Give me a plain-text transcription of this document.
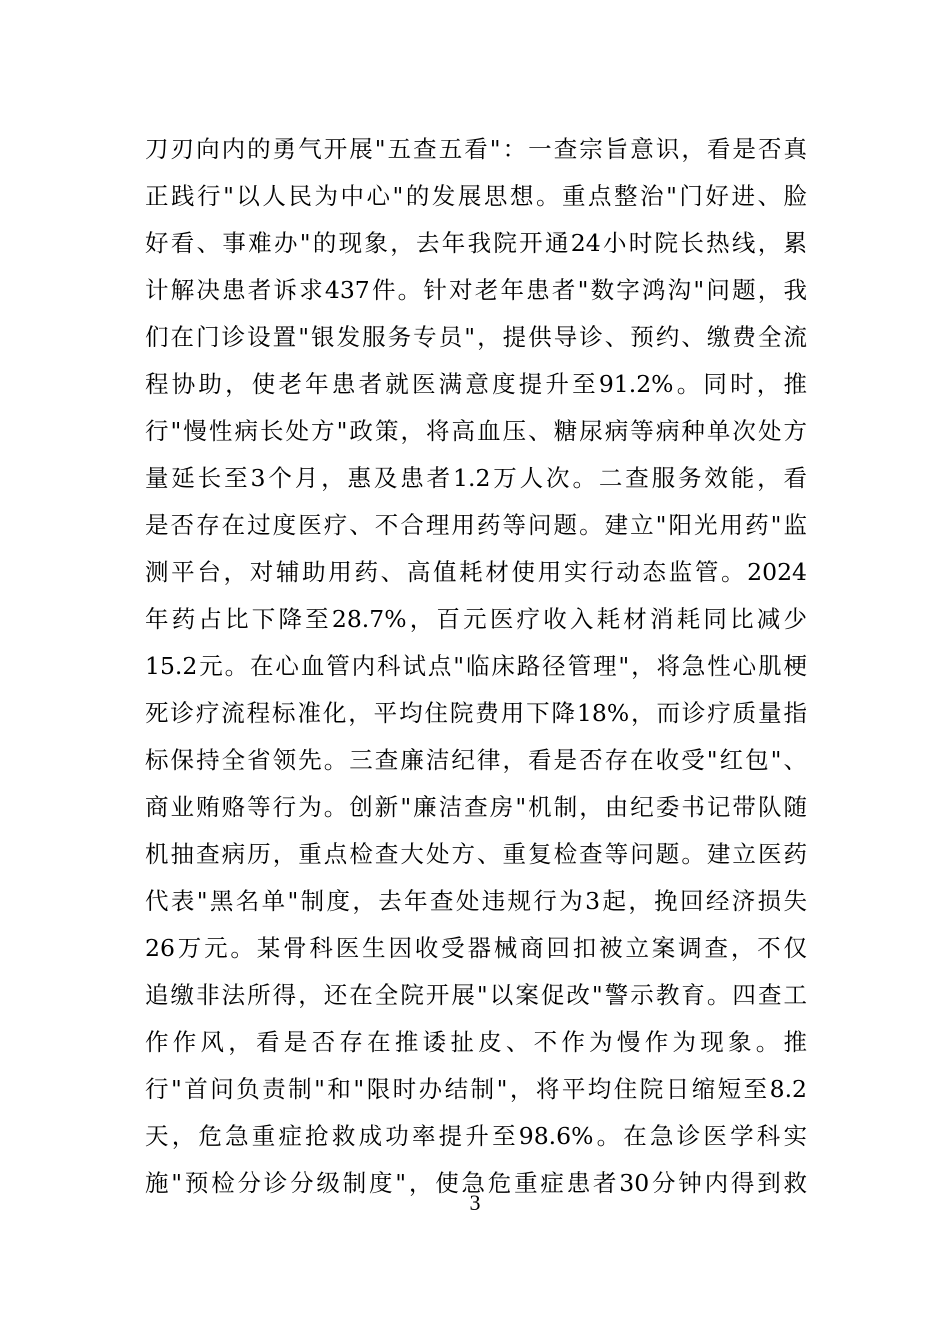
刀刃向内的勇气开展"五查五看"：一查宗旨意识，看是否真
正践行"以人民为中心"的发展思想。重点整治"门好进、脸
好看、事难办"的现象，去年我院开通24小时院长热线，累
计解决患者诉求437件。针对老年患者"数字鸿沟"问题，我
们在门诊设置"银发服务专员"，提供导诊、预约、缴费全流
程协助，使老年患者就医满意度提升至91.2%。同时，推
行"慢性病长处方"政策，将高血压、糖尿病等病种单次处方
量延长至3个月，惠及患者1.2万人次。二查服务效能，看
是否存在过度医疗、不合理用药等问题。建立"阳光用药"监
测平台，对辅助用药、高值耗材使用实行动态监管。2024
年药占比下降至28.7%，百元医疗收入耗材消耗同比减少
15.2元。在心血管内科试点"临床路径管理"，将急性心肌梗
死诊疗流程标准化，平均住院费用下降18%，而诊疗质量指
标保持全省领先。三查廉洁纪律，看是否存在收受"红包"、
商业贿赂等行为。创新"廉洁查房"机制，由纪委书记带队随
机抽查病历，重点检查大处方、重复检查等问题。建立医药
代表"黑名单"制度，去年查处违规行为3起，挽回经济损失
26万元。某骨科医生因收受器械商回扣被立案调查，不仅
追缴非法所得，还在全院开展"以案促改"警示教育。四查工
作作风，看是否存在推诿扯皮、不作为慢作为现象。推
行"首问负责制"和"限时办结制"，将平均住院日缩短至8.2
天，危急重症抢救成功率提升至98.6%。在急诊医学科实
施"预检分诊分级制度"，使急危重症患者30分钟内得到救
3
